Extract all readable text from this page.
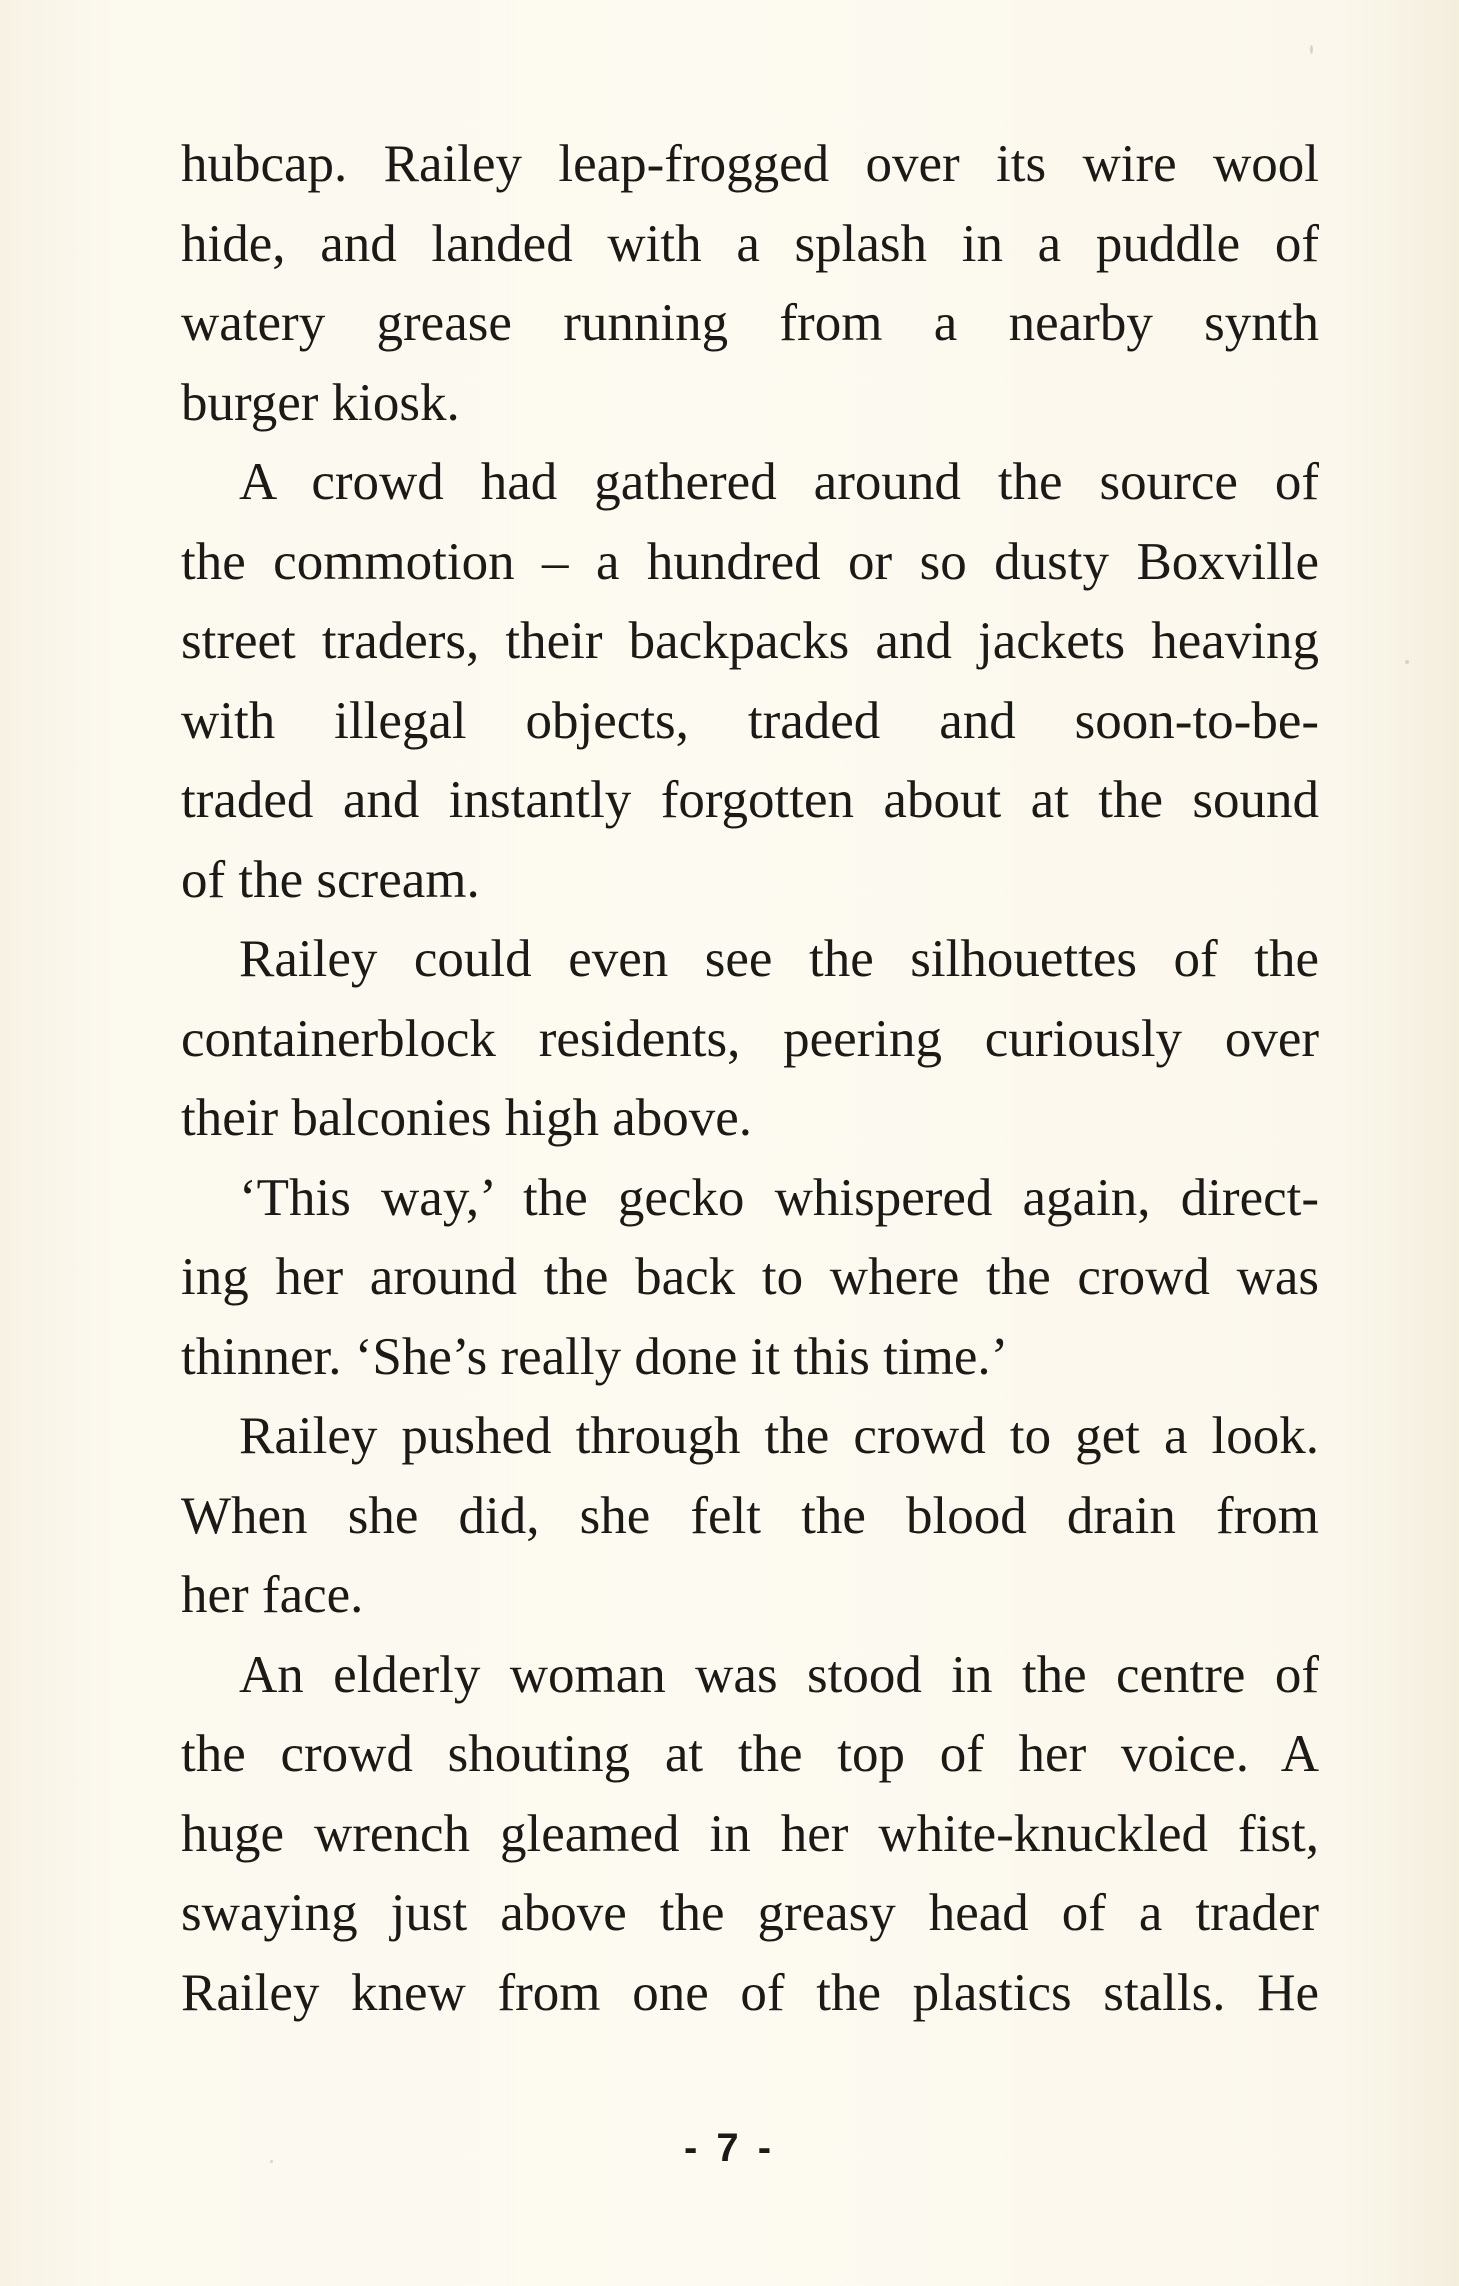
hubcap. Railey leap-frogged over its wire wool
hide, and landed with a splash in a puddle of
watery grease running from a nearby synth
burger kiosk.
A crowd had gathered around the source of
the commotion – a hundred or so dusty Boxville
street traders, their backpacks and jackets heaving
with illegal objects, traded and soon-to-be-
traded and instantly forgotten about at the sound
of the scream.
Railey could even see the silhouettes of the
containerblock residents, peering curiously over
their balconies high above.
‘This way,’ the gecko whispered again, direct-
ing her around the back to where the crowd was
thinner. ‘She’s really done it this time.’
Railey pushed through the crowd to get a look.
When she did, she felt the blood drain from
her face.
An elderly woman was stood in the centre of
the crowd shouting at the top of her voice. A
huge wrench gleamed in her white-knuckled fist,
swaying just above the greasy head of a trader
Railey knew from one of the plastics stalls. He
- 7 -
